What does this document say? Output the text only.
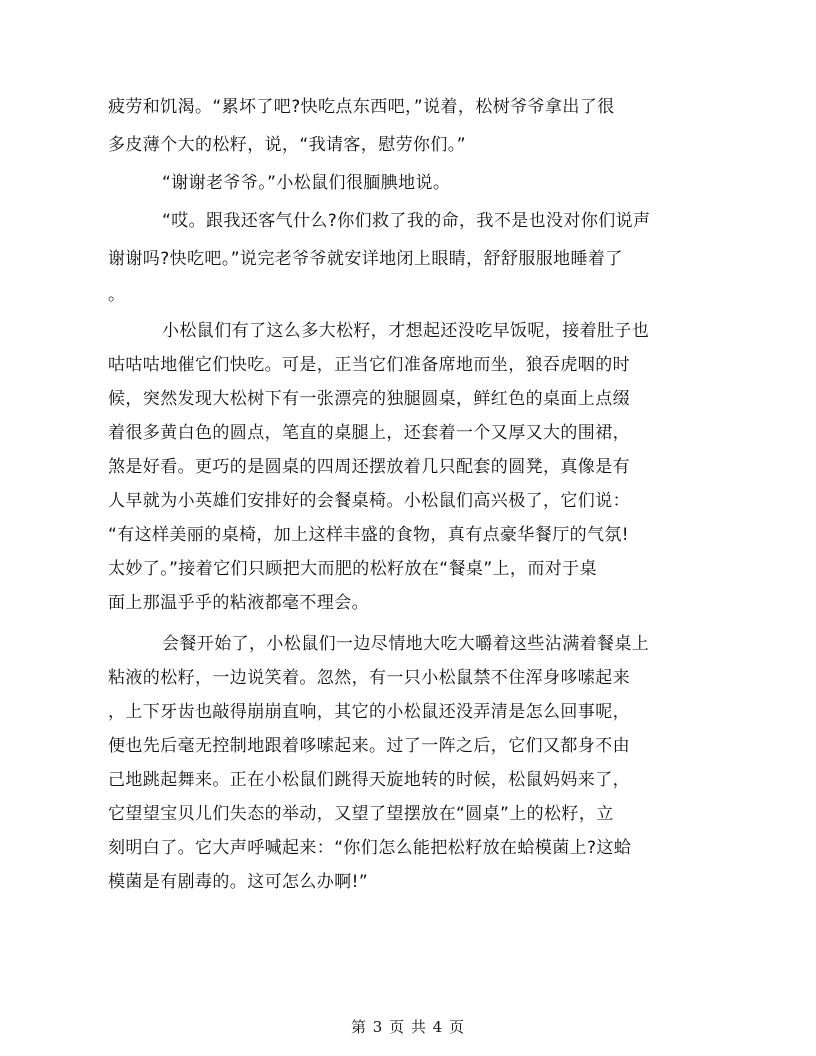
疲劳和饥渴。“累坏了吧?快吃点东西吧，”说着，松树爷爷拿出了很
多皮薄个大的松籽，说，“我请客，慰劳你们。”
“谢谢老爷爷。”小松鼠们很腼腆地说。
“哎。跟我还客气什么?你们救了我的命，我不是也没对你们说声
谢谢吗?快吃吧。”说完老爷爷就安详地闭上眼睛，舒舒服服地睡着了
。
小松鼠们有了这么多大松籽，才想起还没吃早饭呢，接着肚子也
咕咕咕地催它们快吃。可是，正当它们准备席地而坐，狼吞虎咽的时
候，突然发现大松树下有一张漂亮的独腿圆桌，鲜红色的桌面上点缀
着很多黄白色的圆点，笔直的桌腿上，还套着一个又厚又大的围裙，
煞是好看。更巧的是圆桌的四周还摆放着几只配套的圆凳，真像是有
人早就为小英雄们安排好的会餐桌椅。小松鼠们高兴极了，它们说：
“有这样美丽的桌椅，加上这样丰盛的食物，真有点豪华餐厅的气氛!
太妙了。”接着它们只顾把大而肥的松籽放在“餐桌”上，而对于桌
面上那温乎乎的粘液都毫不理会。
会餐开始了，小松鼠们一边尽情地大吃大嚼着这些沾满着餐桌上
粘液的松籽，一边说笑着。忽然，有一只小松鼠禁不住浑身哆嗦起来
，上下牙齿也敲得崩崩直响，其它的小松鼠还没弄清是怎么回事呢，
便也先后毫无控制地跟着哆嗦起来。过了一阵之后，它们又都身不由
己地跳起舞来。正在小松鼠们跳得天旋地转的时候，松鼠妈妈来了，
它望望宝贝儿们失态的举动，又望了望摆放在“圆桌”上的松籽，立
刻明白了。它大声呼喊起来：“你们怎么能把松籽放在蛤模菌上?这蛤
模菌是有剧毒的。这可怎么办啊!”
第 3 页 共 4 页
